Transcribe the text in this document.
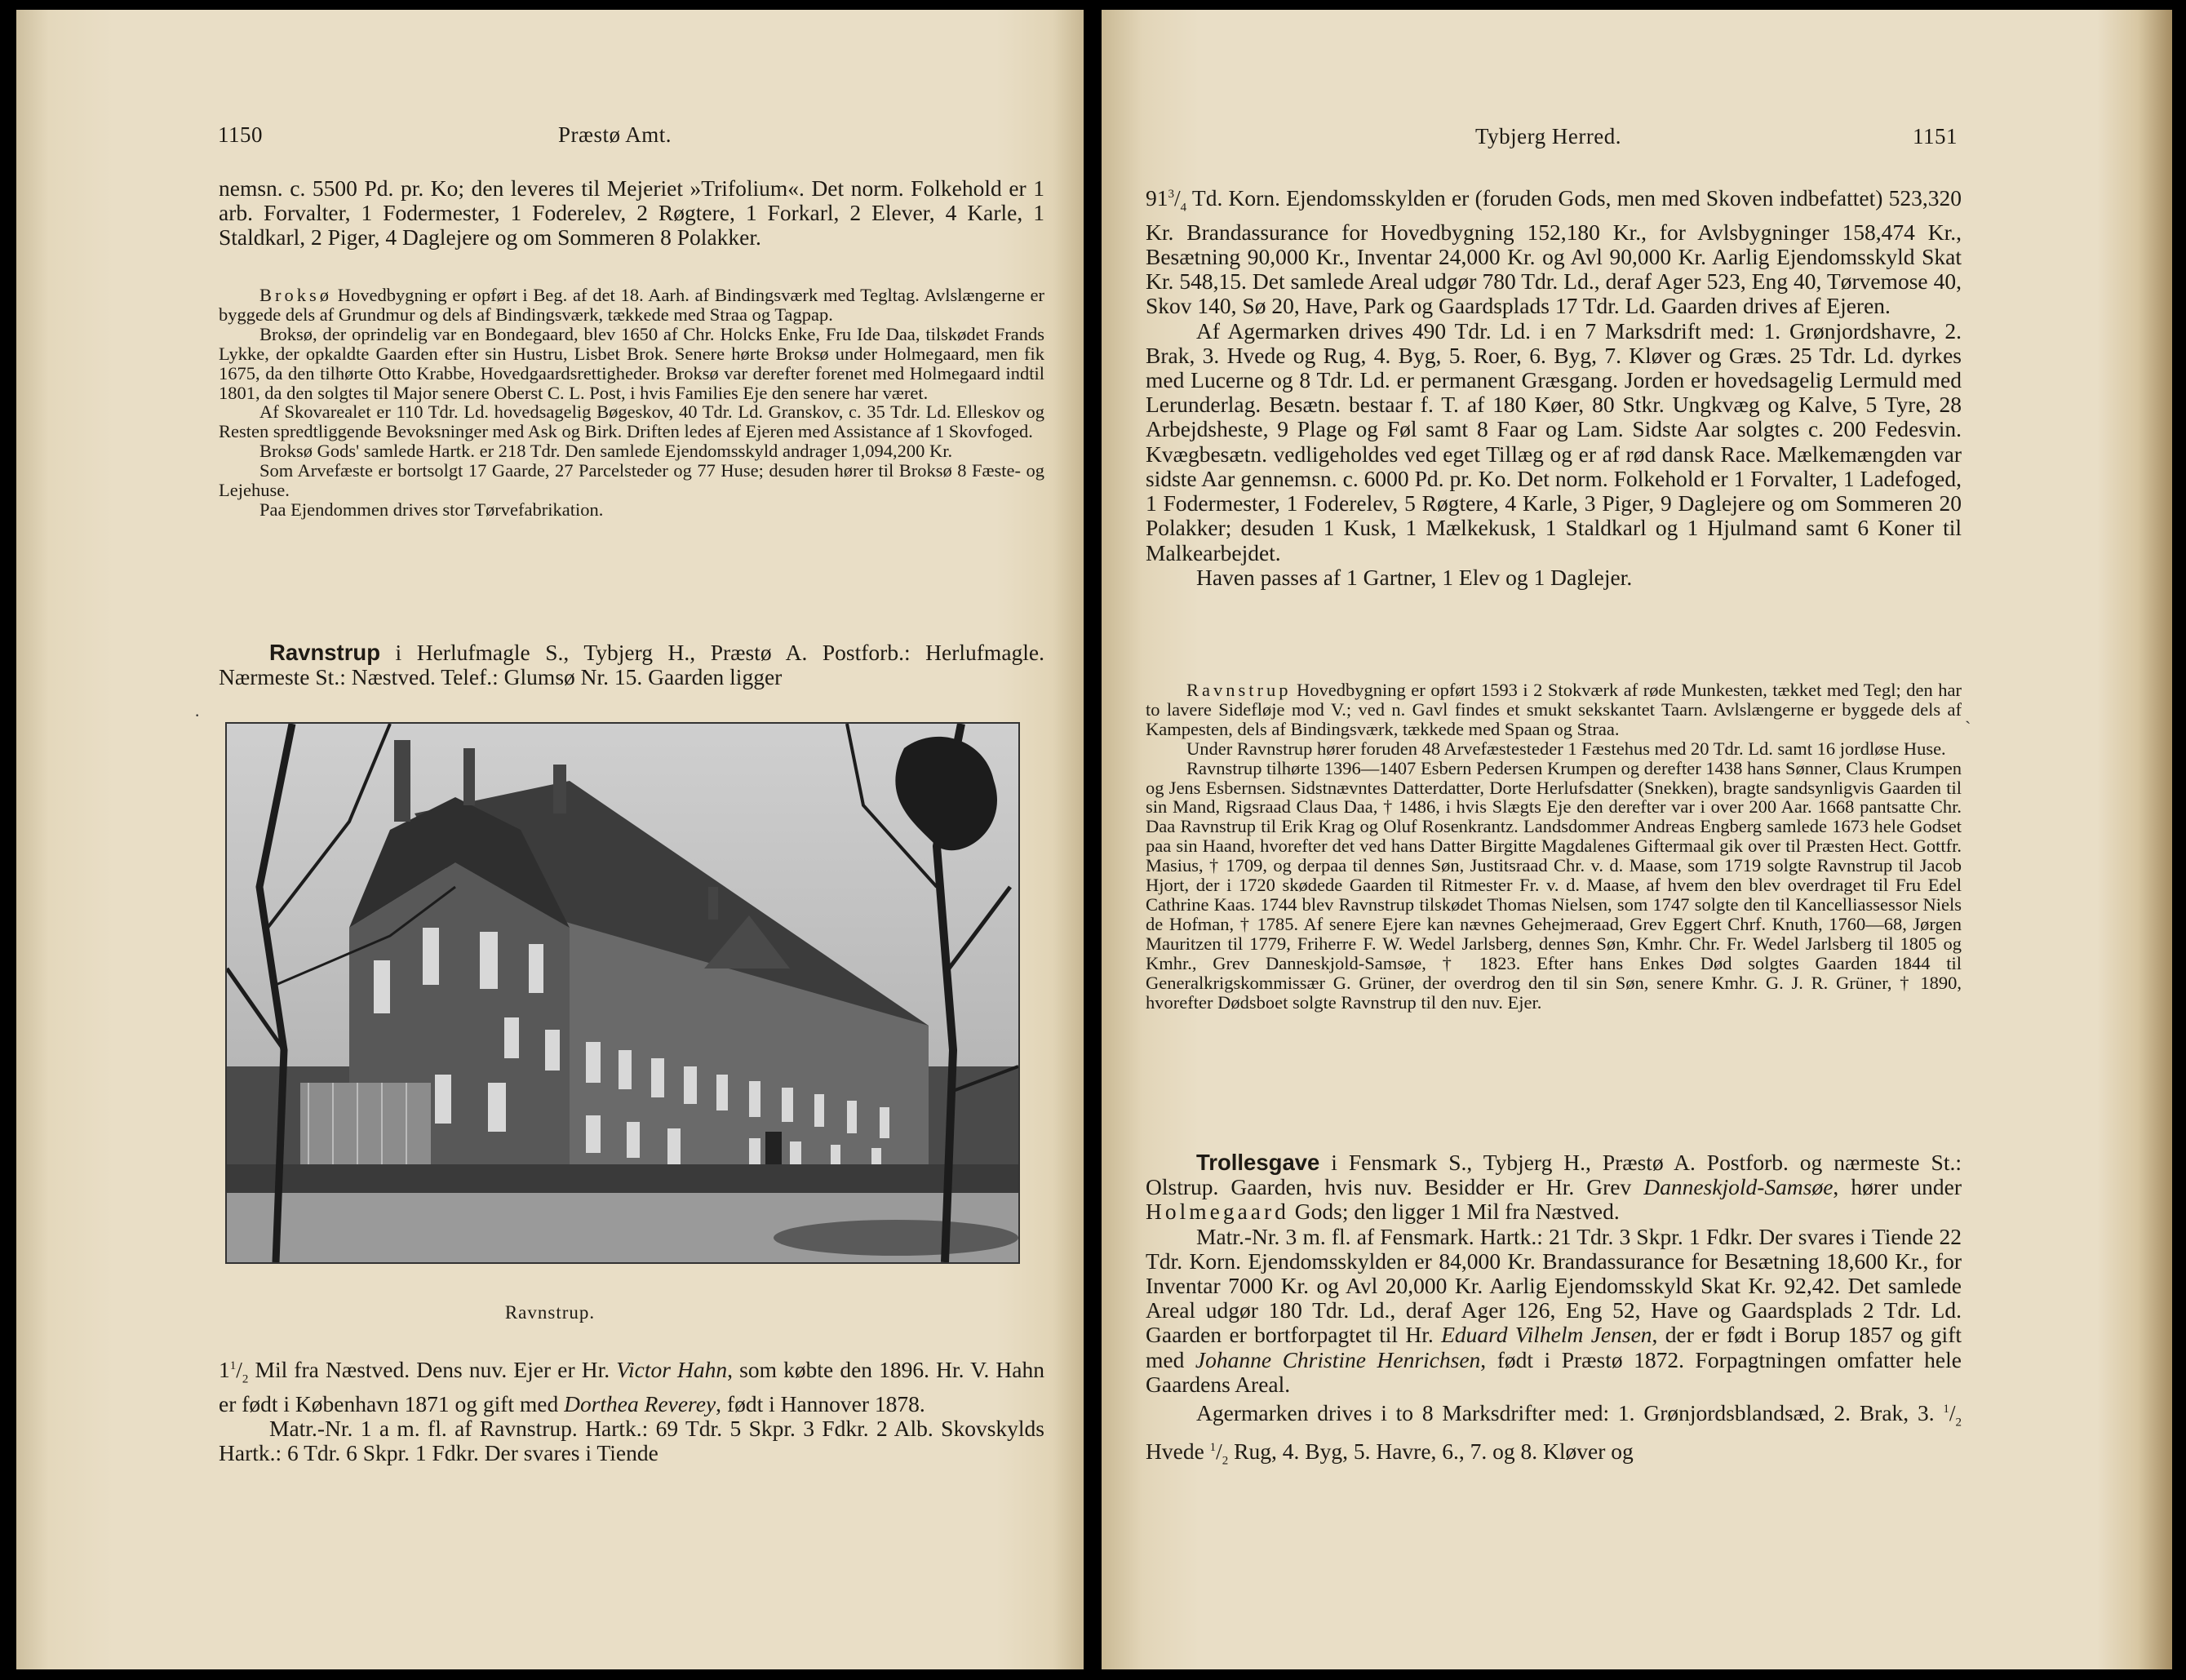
1150	Præstø Amt.

nemsn. c. 5500 Pd. pr. Ko; den leveres til Mejeriet »Trifolium«. Det norm. Folkehold er 1 arb. Forvalter, 1 Fodermester, 1 Foderelev, 2 Røgtere, 1 Forkarl, 2 Elever, 4 Karle, 1 Staldkarl, 2 Piger, 4 Daglejere og om Sommeren 8 Polakker.

Broksø Hovedbygning er opført i Beg. af det 18. Aarh. af Bindingsværk med Tegltag. Avlslængerne er byggede dels af Grundmur og dels af Bindingsværk, tækkede med Straa og Tagpap.

Broksø, der oprindelig var en Bondegaard, blev 1650 af Chr. Holcks Enke, Fru Ide Daa, tilskødet Frands Lykke, der opkaldte Gaarden efter sin Hustru, Lisbet Brok. Senere hørte Broksø under Holmegaard, men fik 1675, da den tilhørte Otto Krabbe, Hovedgaardsrettigheder. Broksø var derefter forenet med Holmegaard indtil 1801, da den solgtes til Major senere Oberst C. L. Post, i hvis Families Eje den senere har været.

Af Skovarealet er 110 Tdr. Ld. hovedsagelig Bøgeskov, 40 Tdr. Ld. Granskov, c. 35 Tdr. Ld. Elleskov og Resten spredtliggende Bevoksninger med Ask og Birk. Driften ledes af Ejeren med Assistance af 1 Skovfoged.

Broksø Gods' samlede Hartk. er 218 Tdr. Den samlede Ejendomsskyld andrager 1,094,200 Kr.

Som Arvefæste er bortsolgt 17 Gaarde, 27 Parcelsteder og 77 Huse; desuden hører til Broksø 8 Fæste- og Lejehuse.

Paa Ejendommen drives stor Tørvefabrikation.

Ravnstrup i Herlufmagle S., Tybjerg H., Præstø A. Postforb.: Herlufmagle. Nærmeste St.: Næstved. Telef.: Glumsø Nr. 15. Gaarden ligger

·
Ravnstrup.

$1^1/_2$ Mil fra Næstved. Dens nuv. Ejer er Hr. Victor Hahn, som købte den 1896. Hr. V. Hahn er født i København 1871 og gift med Dorthea Reverey, født i Hannover 1878.

Matr.-Nr. 1 a m. fl. af Ravnstrup. Hartk.: 69 Tdr. 5 Skpr. 3 Fdkr. 2 Alb. Skovskylds Hartk.: 6 Tdr. 6 Skpr. 1 Fdkr. Der svares i Tiende

Tybjerg Herred.	1151

$91^3/_4$ Td. Korn. Ejendomsskylden er (foruden Gods, men med Skoven indbefattet) 523,320 Kr. Brandassurance for Hovedbygning 152,180 Kr., for Avlsbygninger 158,474 Kr., Besætning 90,000 Kr., Inventar 24,000 Kr. og Avl 90,000 Kr. Aarlig Ejendomsskyld Skat Kr. 548,15. Det samlede Areal udgør 780 Tdr. Ld., deraf Ager 523, Eng 40, Tørvemose 40, Skov 140, Sø 20, Have, Park og Gaardsplads 17 Tdr. Ld. Gaarden drives af Ejeren.

Af Agermarken drives 490 Tdr. Ld. i en 7 Marksdrift med: 1. Grønjordshavre, 2. Brak, 3. Hvede og Rug, 4. Byg, 5. Roer, 6. Byg, 7. Kløver og Græs. 25 Tdr. Ld. dyrkes med Lucerne og 8 Tdr. Ld. er permanent Græsgang. Jorden er hovedsagelig Lermuld med Lerunderlag. Besætn. bestaar f. T. af 180 Køer, 80 Stkr. Ungkvæg og Kalve, 5 Tyre, 28 Arbejdsheste, 9 Plage og Føl samt 8 Faar og Lam. Sidste Aar solgtes c. 200 Fedesvin. Kvægbesætn. vedligeholdes ved eget Tillæg og er af rød dansk Race. Mælkemængden var sidste Aar gennemsn. c. 6000 Pd. pr. Ko. Det norm. Folkehold er 1 Forvalter, 1 Ladefoged, 1 Fodermester, 1 Foderelev, 5 Røgtere, 4 Karle, 3 Piger, 9 Daglejere og om Sommeren 20 Polakker; desuden 1 Kusk, 1 Mælkekusk, 1 Staldkarl og 1 Hjulmand samt 6 Koner til Malkearbejdet.

Haven passes af 1 Gartner, 1 Elev og 1 Daglejer.

Ravnstrup Hovedbygning er opført 1593 i 2 Stokværk af røde Munkesten, tækket med Tegl; den har to lavere Sidefløje mod V.; ved n. Gavl findes et smukt sekskantet Taarn. Avlslængerne er byggede dels af Kampesten, dels af Bindingsværk, tækkede med Spaan og Straa.

Under Ravnstrup hører foruden 48 Arvefæstesteder 1 Fæstehus med 20 Tdr. Ld. samt 16 jordløse Huse.

Ravnstrup tilhørte 1396—1407 Esbern Pedersen Krumpen og derefter 1438 hans Sønner, Claus Krumpen og Jens Esbernsen. Sidstnævntes Datterdatter, Dorte Herlufsdatter (Snekken), bragte sandsynligvis Gaarden til sin Mand, Rigsraad Claus Daa, † 1486, i hvis Slægts Eje den derefter var i over 200 Aar. 1668 pantsatte Chr. Daa Ravnstrup til Erik Krag og Oluf Rosenkrantz. Landsdommer Andreas Engberg samlede 1673 hele Godset paa sin Haand, hvorefter det ved hans Datter Birgitte Magdalenes Giftermaal gik over til Præsten Hect. Gottfr. Masius, † 1709, og derpaa til dennes Søn, Justitsraad Chr. v. d. Maase, som 1719 solgte Ravnstrup til Jacob Hjort, der i 1720 skødede Gaarden til Ritmester Fr. v. d. Maase, af hvem den blev overdraget til Fru Edel Cathrine Kaas. 1744 blev Ravnstrup tilskødet Thomas Nielsen, som 1747 solgte den til Kancelliassessor Niels de Hofman, † 1785. Af senere Ejere kan nævnes Gehejmeraad, Grev Eggert Chrf. Knuth, 1760—68, Jørgen Mauritzen til 1779, Friherre F. W. Wedel Jarlsberg, dennes Søn, Kmhr. Chr. Fr. Wedel Jarlsberg til 1805 og Kmhr., Grev Danneskjold-Samsøe, † 1823. Efter hans Enkes Død solgtes Gaarden 1844 til Generalkrigskommissær G. Grüner, der overdrog den til sin Søn, senere Kmhr. G. J. R. Grüner, † 1890, hvorefter Dødsboet solgte Ravnstrup til den nuv. Ejer.

ˎ

Trollesgave i Fensmark S., Tybjerg H., Præstø A. Postforb. og nærmeste St.: Olstrup. Gaarden, hvis nuv. Besidder er Hr. Grev Danneskjold-Samsøe, hører under Holmegaard Gods; den ligger 1 Mil fra Næstved.

Matr.-Nr. 3 m. fl. af Fensmark. Hartk.: 21 Tdr. 3 Skpr. 1 Fdkr. Der svares i Tiende 22 Tdr. Korn. Ejendomsskylden er 84,000 Kr. Brandassurance for Besætning 18,600 Kr., for Inventar 7000 Kr. og Avl 20,000 Kr. Aarlig Ejendomsskyld Skat Kr. 92,42. Det samlede Areal udgør 180 Tdr. Ld., deraf Ager 126, Eng 52, Have og Gaardsplads 2 Tdr. Ld. Gaarden er bortforpagtet til Hr. Eduard Vilhelm Jensen, der er født i Borup 1857 og gift med Johanne Christine Henrichsen, født i Præstø 1872. Forpagtningen omfatter hele Gaardens Areal.

Agermarken drives i to 8 Marksdrifter med: 1. Grønjordsblandsæd, 2. Brak, 3. $^1/_2$ Hvede $^1/_2$ Rug, 4. Byg, 5. Havre, 6., 7. og 8. Kløver og
